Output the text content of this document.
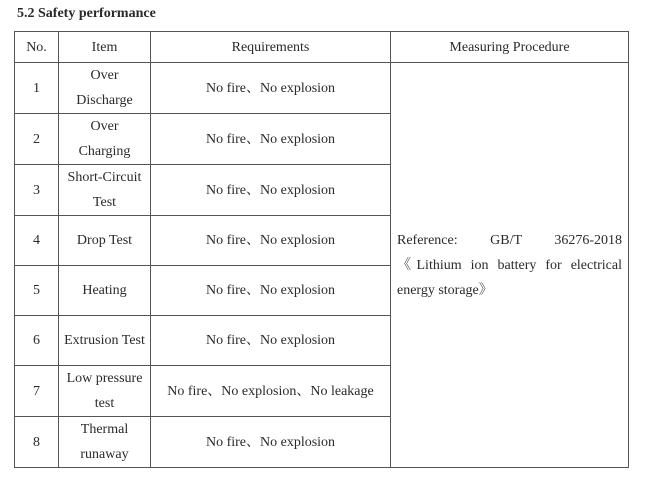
5.2 Safety performance
No.	Item	Requirements	Measuring Procedure
1	Over Discharge	No fire、No explosion	Reference: GB/T 36276-2018 《Lithium ion battery for electrical energy storage》
2	Over Charging	No fire、No explosion	
3	Short-Circuit Test	No fire、No explosion	
4	Drop Test	No fire、No explosion	
5	Heating	No fire、No explosion	
6	Extrusion Test	No fire、No explosion	
7	Low pressure test	No fire、No explosion、No leakage	
8	Thermal runaway	No fire、No explosion	
